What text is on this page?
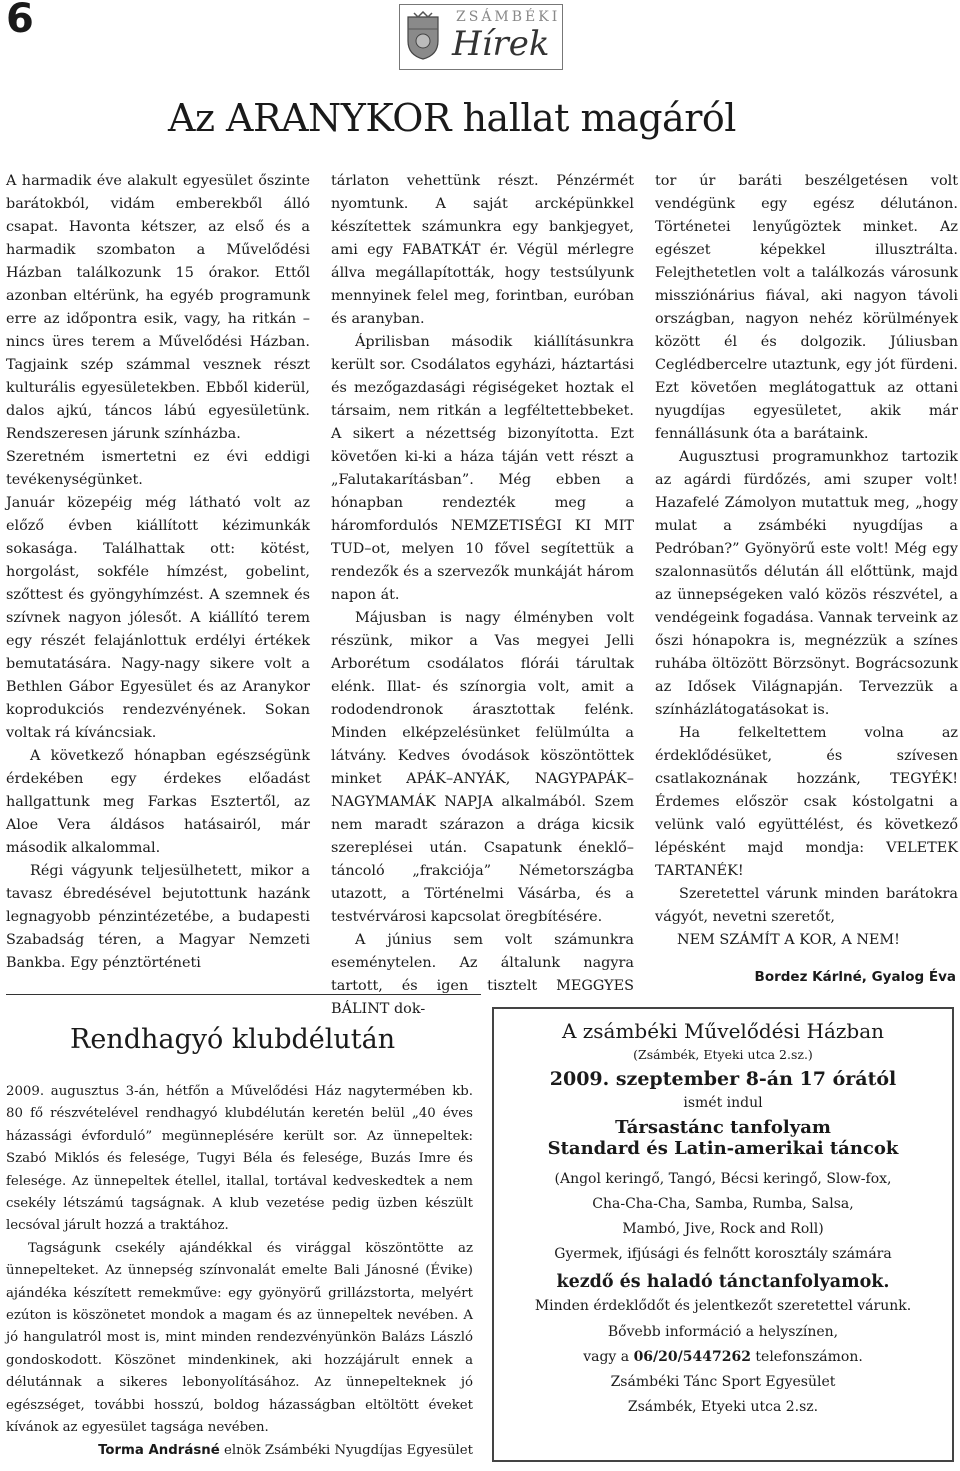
6	ZSÁMBÉKI
Hírek
Az ARANYKOR hallat magáról

A harmadik éve alakult egyesület őszinte barátokból, vidám emberekből álló csapat. Havonta kétszer, az első és a harmadik szombaton a Művelődési Házban találkozunk 15 órakor. Ettől azonban eltérünk, ha egyéb programunk erre az időpontra esik, vagy, ha ritkán – nincs üres terem a Művelődési Házban. Tagjaink szép számmal vesznek részt kulturális egyesületekben. Ebből kiderül, dalos ajkú, táncos lábú egyesületünk. Rendszeresen járunk színházba.

Szeretném ismertetni ez évi eddigi tevékenységünket.

Január közepéig még látható volt az előző évben kiállított kézimunkák sokasága. Találhattak ott: kötést, horgolást, sokféle hímzést, gobelint, szőttest és gyöngyhímzést. A szemnek és szívnek nagyon jólesőt. A kiállító terem egy részét felajánlottuk erdélyi értékek bemutatására. Nagy-nagy sikere volt a Bethlen Gábor Egyesület és az Aranykor koprodukciós rendezvényének. Sokan voltak rá kíváncsiak.

A következő hónapban egészségünk érdekében egy érdekes előadást hallgattunk meg Farkas Esztertől, az Aloe Vera áldásos hatásairól, már második alkalommal.

Régi vágyunk teljesülhetett, mikor a tavasz ébredésével bejutottunk hazánk legnagyobb pénzintézetébe, a budapesti Szabadság téren, a Magyar Nemzeti Bankba. Egy pénztörténeti

tárlaton vehettünk részt. Pénzérmét nyomtunk. A saját arcképünkkel készítettek számunkra egy bankjegyet, ami egy FABATKÁT ér. Végül mérlegre állva megállapították, hogy testsúlyunk mennyinek felel meg, forintban, euróban és aranyban.

Áprilisban második kiállításunkra került sor. Csodálatos egyházi, háztartási és mezőgazdasági régiségeket hoztak el társaim, nem ritkán a legféltettebbeket. A sikert a nézettség bizonyította. Ezt követően ki-ki a háza táján vett részt a „Falutakarításban”. Még ebben a hónapban rendezték meg a háromfordulós NEMZETISÉGI KI MIT TUD–ot, melyen 10 fővel segítettük a rendezők és a szervezők munkáját három napon át.

Májusban is nagy élményben volt részünk, mikor a Vas megyei Jelli Arborétum csodálatos flórái tárultak elénk. Illat- és színorgia volt, amit a rododendronok árasztottak felénk. Minden elképzelésünket felülmúlta a látvány. Kedves óvodások köszöntöttek minket APÁK–ANYÁK, NAGYPAPÁK–NAGYMAMÁK NAPJA alkalmából. Szem nem maradt szárazon a drága kicsik szereplései után. Csapatunk éneklő–táncoló „frakciója” Németországba utazott, a Történelmi Vásárba, és a testvérvárosi kapcsolat öregbítésére.

A június sem volt számunkra eseménytelen. Az általunk nagyra tartott, és igen tisztelt MEGGYES BÁLINT dok-

tor úr baráti beszélgetésen volt vendégünk egy egész délutánon. Történetei lenyűgöztek minket. Az egészet képekkel illusztrálta. Felejthetetlen volt a találkozás városunk missziónárius fiával, aki nagyon távoli országban, nagyon nehéz körülmények között él és dolgozik. Júliusban Ceglédbercelre utaztunk, egy jót fürdeni. Ezt követően meglátogattuk az ottani nyugdíjas egyesületet, akik már fennállásunk óta a barátaink.

Augusztusi programunkhoz tartozik az agárdi fürdőzés, ami szuper volt! Hazafelé Zámolyon mutattuk meg, „hogy mulat a zsámbéki nyugdíjas a Pedróban?” Gyönyörű este volt! Még egy szalonnasütős délután áll előttünk, majd az ünnepségeken való közös részvétel, a vendégeink fogadása. Vannak terveink az őszi hónapokra is, megnézzük a színes ruhába öltözött Börzsönyt. Bográcsozunk az Idősek Világnapján. Tervezzük a színházlátogatásokat is.

Ha felkeltettem volna az érdeklődésüket, és szívesen csatlakoznának hozzánk, TEGYÉK! Érdemes először csak kóstolgatni a velünk való együttélést, és következő lépésként majd mondja: VELETEK TARTANÉK!

Szeretettel várunk minden barátokra vágyót, nevetni szeretőt,

NEM SZÁMÍT A KOR, A NEM!

Bordez Kárlné, Gyalog Éva
Rendhagyó klubdélután

2009. augusztus 3-án, hétfőn a Művelődési Ház nagytermében kb. 80 fő részvételével rendhagyó klubdélután keretén belül „40 éves házassági évforduló” megünneplésére került sor. Az ünnepeltek: Szabó Miklós és felesége, Tugyi Béla és felesége, Buzás Imre és felesége. Az ünnepeltek étellel, itallal, tortával kedveskedtek a nem csekély létszámú tagságnak. A klub vezetése pedig üzben készült lecsóval járult hozzá a traktához.

Tagságunk csekély ajándékkal és virággal köszöntötte az ünnepelteket. Az ünnepség színvonalát emelte Bali Jánosné (Évike) ajándéka készített remekműve: egy gyönyörű grillázstorta, melyért ezúton is köszönetet mondok a magam és az ünnepeltek nevében. A jó hangulatról most is, mint minden rendezvényünkön Balázs László gondoskodott. Köszönet mindenkinek, aki hozzájárult ennek a délutánnak a sikeres lebonyolításához. Az ünnepelteknek jó egészséget, további hosszú, boldog házasságban eltöltött éveket kívánok az egyesület tagsága nevében.

Torma Andrásné elnök Zsámbéki Nyugdíjas Egyesület
A zsámbéki Művelődési Házban
(Zsámbék, Etyeki utca 2.sz.)
2009. szeptember 8-án 17 órától
ismét indul
Társastánc tanfolyam
Standard és Latin-amerikai táncok
(Angol keringő, Tangó, Bécsi keringő, Slow-fox,
Cha-Cha-Cha, Samba, Rumba, Salsa,
Mambó, Jive, Rock and Roll)
Gyermek, ifjúsági és felnőtt korosztály számára
kezdő és haladó tánctanfolyamok.
Minden érdeklődőt és jelentkezőt szeretettel várunk.
Bővebb információ a helyszínen,
vagy a 06/20/5447262 telefonszámon.
Zsámbéki Tánc Sport Egyesület
Zsámbék, Etyeki utca 2.sz.
